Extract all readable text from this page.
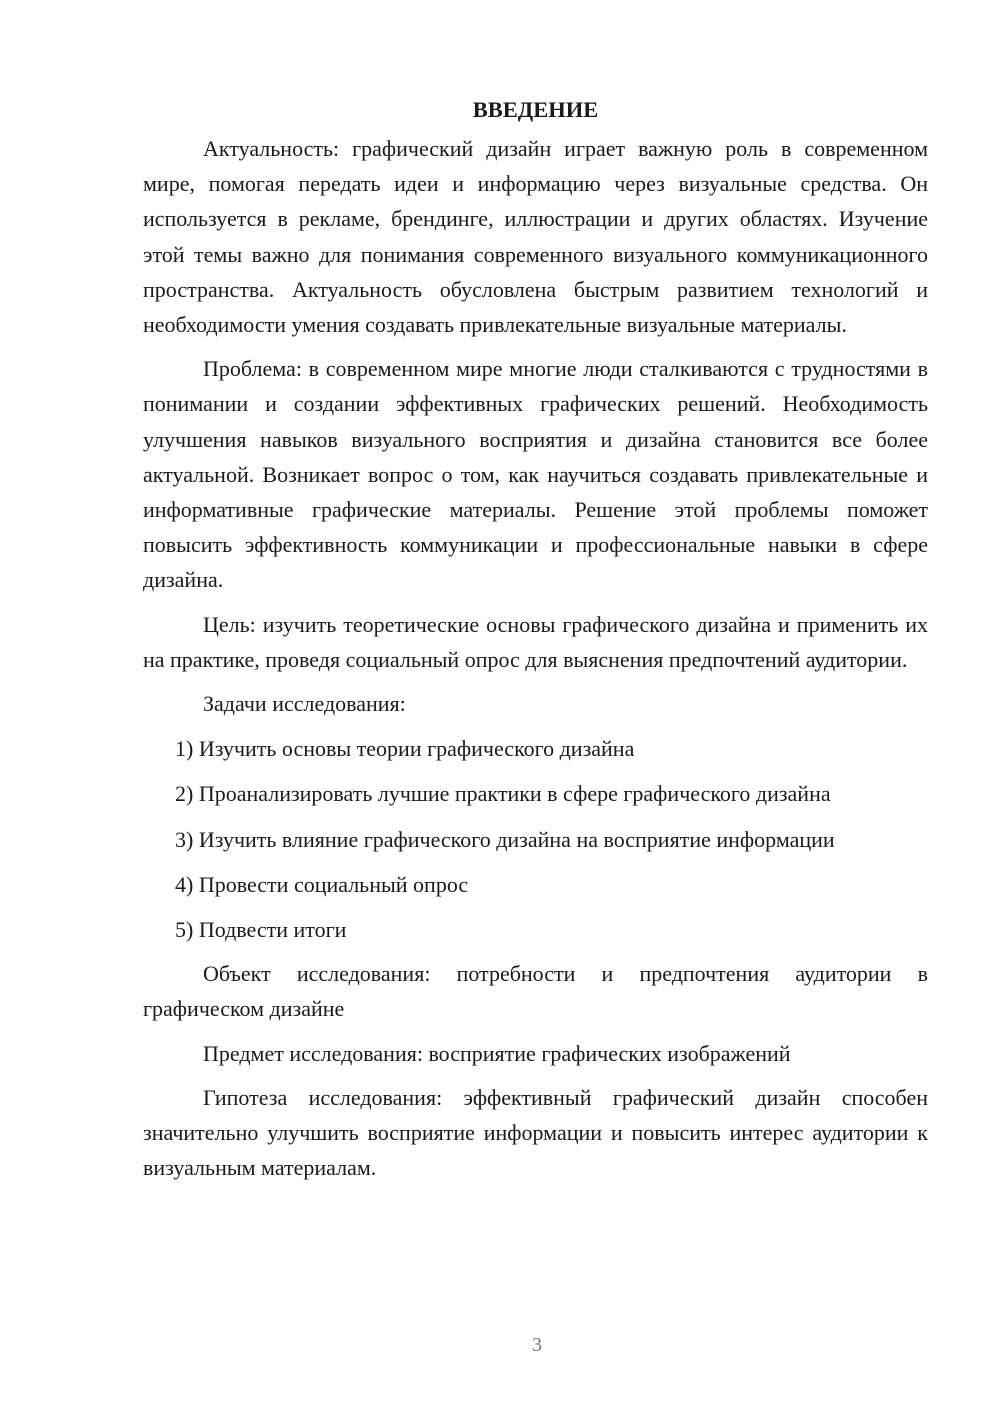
ВВЕДЕНИЕ

Актуальность: графический дизайн играет важную роль в современном мире, помогая передать идеи и информацию через визуальные средства. Он используется в рекламе, брендинге, иллюстрации и других областях. Изучение этой темы важно для понимания современного визуального коммуникационного пространства. Актуальность обусловлена быстрым развитием технологий и необходимости умения создавать привлекательные визуальные материалы.

Проблема: в современном мире многие люди сталкиваются с трудностями в понимании и создании эффективных графических решений. Необходимость улучшения навыков визуального восприятия и дизайна становится все более актуальной. Возникает вопрос о том, как научиться создавать привлекательные и информативные графические материалы. Решение этой проблемы поможет повысить эффективность коммуникации и профессиональные навыки в сфере дизайна.

Цель: изучить теоретические основы графического дизайна и применить их на практике, проведя социальный опрос для выяснения предпочтений аудитории.

Задачи исследования:

1) Изучить основы теории графического дизайна

2) Проанализировать лучшие практики в сфере графического дизайна

3) Изучить влияние графического дизайна на восприятие информации

4) Провести социальный опрос

5) Подвести итоги

Объект исследования: потребности и предпочтения аудитории в графическом дизайне

Предмет исследования: восприятие графических изображений

Гипотеза исследования: эффективный графический дизайн способен значительно улучшить восприятие информации и повысить интерес аудитории к визуальным материалам.

3
